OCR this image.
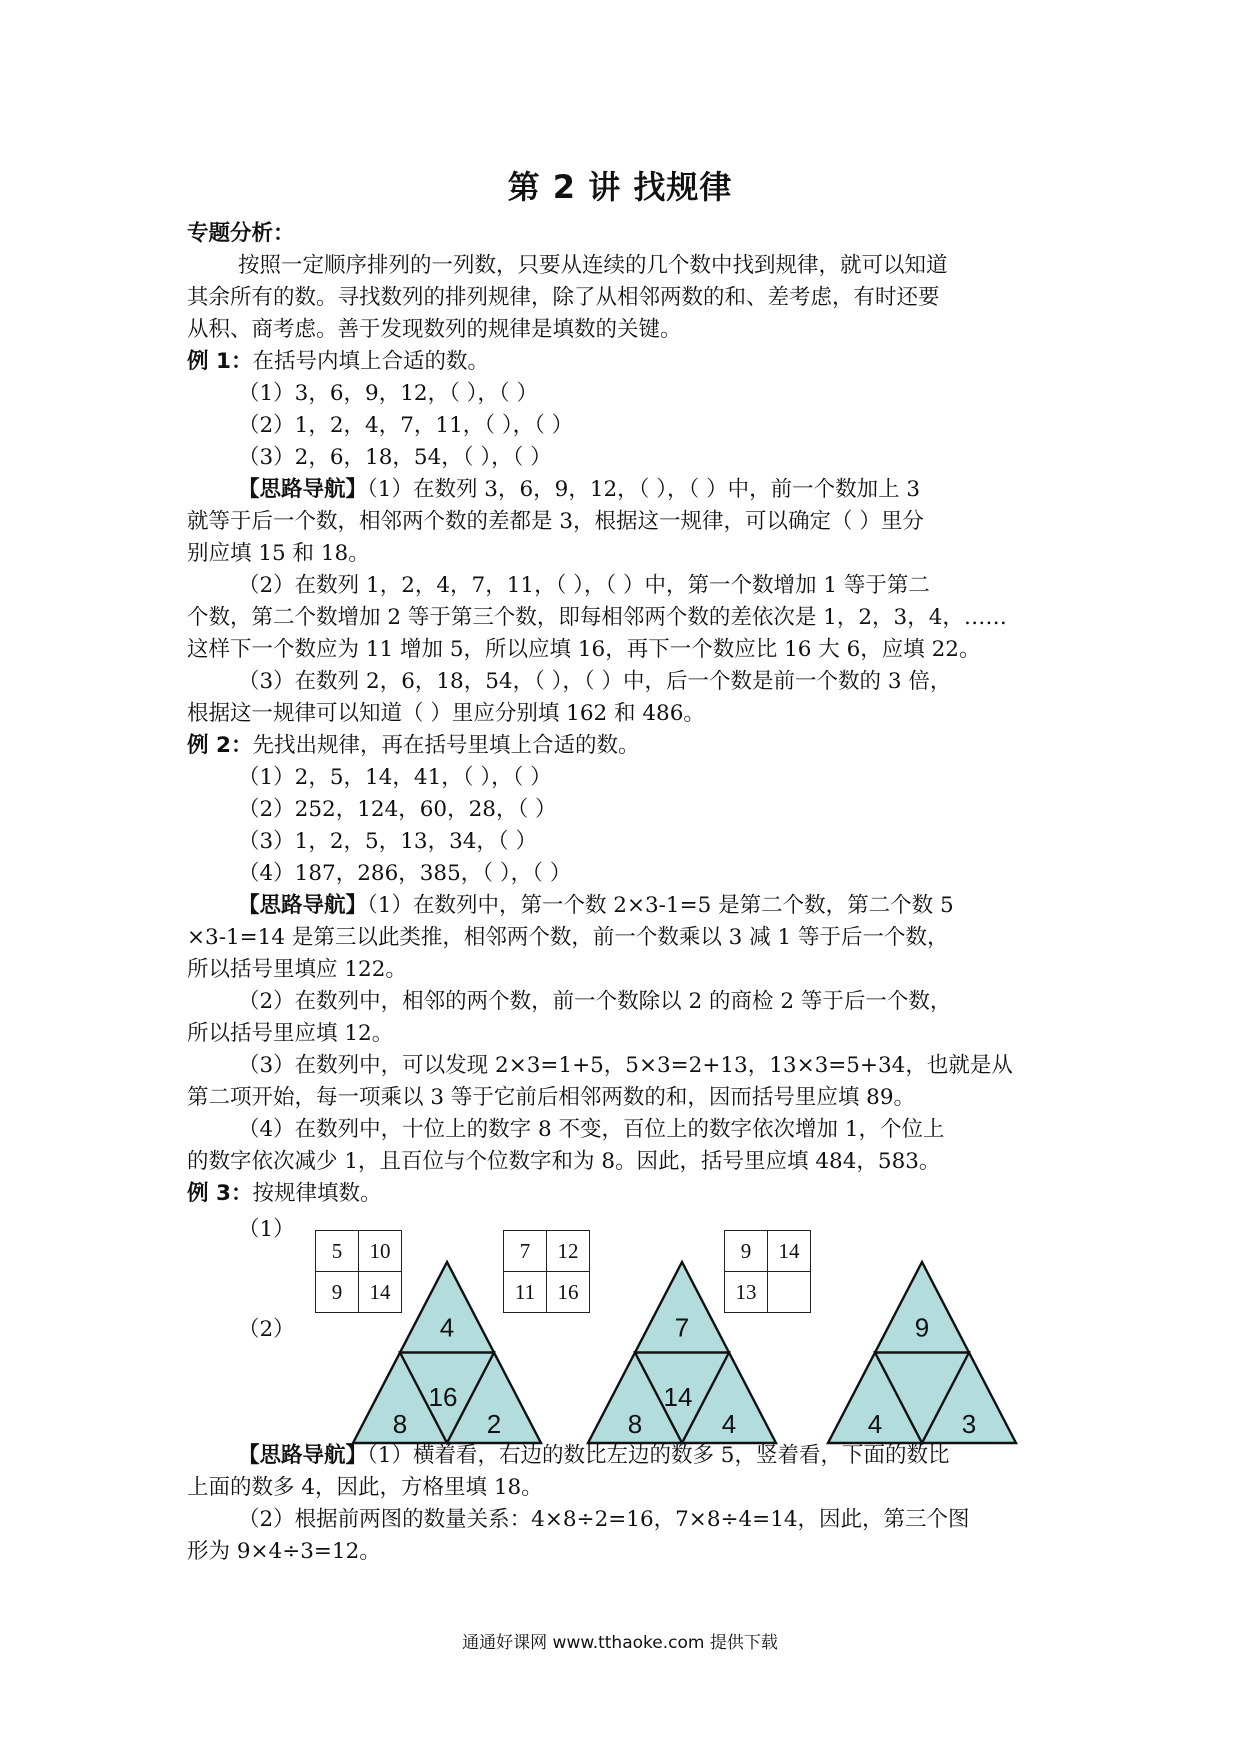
第 2 讲 找规律
专题分析：
按照一定顺序排列的一列数，只要从连续的几个数中找到规律，就可以知道
其余所有的数。寻找数列的排列规律，除了从相邻两数的和、差考虑，有时还要
从积、商考虑。善于发现数列的规律是填数的关键。
例 1：在括号内填上合适的数。
（1）3，6，9，12，（ ），（ ）
（2）1，2，4，7，11，（ ），（ ）
（3）2，6，18，54，（ ），（ ）
【思路导航】（1）在数列 3，6，9，12，（ ），（ ）中，前一个数加上 3
就等于后一个数，相邻两个数的差都是 3，根据这一规律，可以确定（ ）里分
别应填 15 和 18。
（2）在数列 1，2，4，7，11，（ ），（ ）中，第一个数增加 1 等于第二
个数，第二个数增加 2 等于第三个数，即每相邻两个数的差依次是 1，2，3，4，……
这样下一个数应为 11 增加 5，所以应填 16，再下一个数应比 16 大 6，应填 22。
（3）在数列 2，6，18，54，（ ），（ ）中，后一个数是前一个数的 3 倍，
根据这一规律可以知道（ ）里应分别填 162 和 486。
例 2：先找出规律，再在括号里填上合适的数。
（1）2，5，14，41，（ ），（ ）
（2）252，124，60，28，（ ）
（3）1，2，5，13，34，（ ）
（4）187，286，385，（ ），（ ）
【思路导航】（1）在数列中，第一个数 2×3-1=5 是第二个数，第二个数 5
×3-1=14 是第三以此类推，相邻两个数，前一个数乘以 3 减 1 等于后一个数，
所以括号里填应 122。
（2）在数列中，相邻的两个数，前一个数除以 2 的商检 2 等于后一个数，
所以括号里应填 12。
（3）在数列中，可以发现 2×3=1+5，5×3=2+13，13×3=5+34，也就是从
第二项开始，每一项乘以 3 等于它前后相邻两数的和，因而括号里应填 89。
（4）在数列中，十位上的数字 8 不变，百位上的数字依次增加 1，个位上
的数字依次减少 1，且百位与个位数字和为 8。因此，括号里应填 484，583。
例 3：按规律填数。
（1）
（2）	4
16
8	2
7
14
8	4
9
4	3
5	10
9	14
7	12
11	16
9	14
13	
【思路导航】（1）横着看，右边的数比左边的数多 5，竖着看，下面的数比
上面的数多 4，因此，方格里填 18。
（2）根据前两图的数量关系：4×8÷2=16，7×8÷4=14，因此，第三个图
形为 9×4÷3=12。
通通好课网 www.tthaoke.com 提供下载
